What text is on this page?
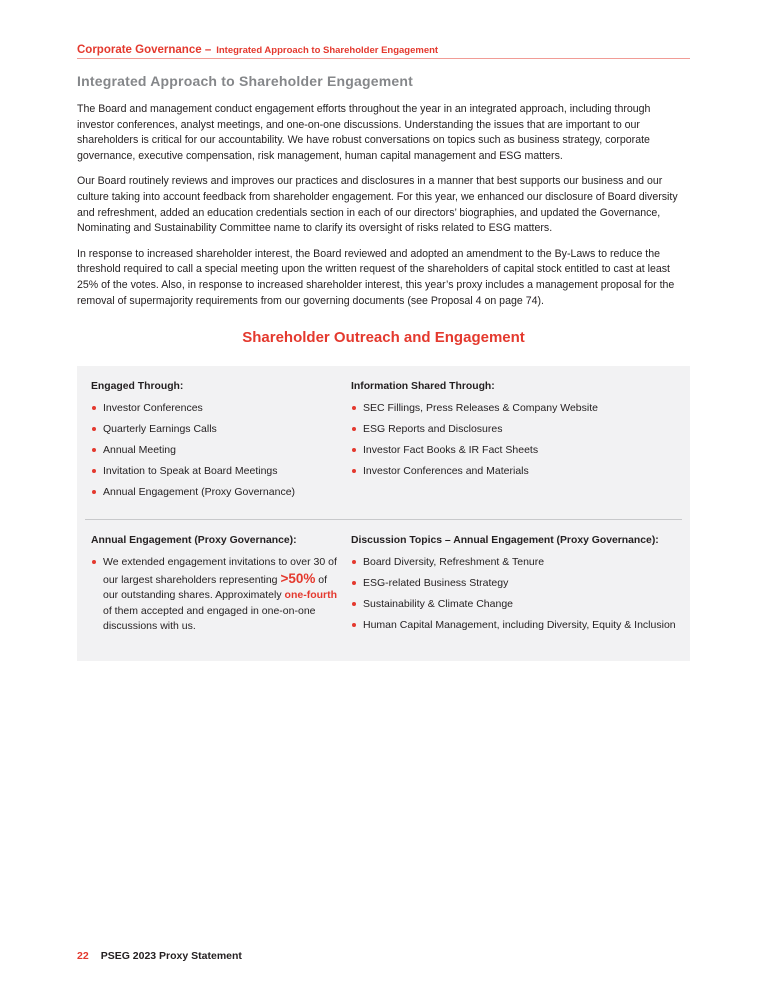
Corporate Governance – Integrated Approach to Shareholder Engagement
Integrated Approach to Shareholder Engagement

The Board and management conduct engagement efforts throughout the year in an integrated approach, including through investor conferences, analyst meetings, and one-on-one discussions. Understanding the issues that are important to our shareholders is critical for our accountability. We have robust conversations on topics such as business strategy, corporate governance, executive compensation, risk management, human capital management and ESG matters.

Our Board routinely reviews and improves our practices and disclosures in a manner that best supports our business and our culture taking into account feedback from shareholder engagement. For this year, we enhanced our disclosure of Board diversity and refreshment, added an education credentials section in each of our directors’ biographies, and updated the Governance, Nominating and Sustainability Committee name to clarify its oversight of risks related to ESG matters.

In response to increased shareholder interest, the Board reviewed and adopted an amendment to the By-Laws to reduce the threshold required to call a special meeting upon the written request of the shareholders of capital stock entitled to cast at least 25% of the votes. Also, in response to increased shareholder interest, this year’s proxy includes a management proposal for the removal of supermajority requirements from our governing documents (see Proposal 4 on page 74).

Shareholder Outreach and Engagement
Engaged Through:
Investor Conferences
Quarterly Earnings Calls
Annual Meeting
Invitation to Speak at Board Meetings
Annual Engagement (Proxy Governance)
Information Shared Through:
SEC Fillings, Press Releases & Company Website
ESG Reports and Disclosures
Investor Fact Books & IR Fact Sheets
Investor Conferences and Materials
Annual Engagement (Proxy Governance):
We extended engagement invitations to over 30 of our largest shareholders representing >50% of our outstanding shares. Approximately one-fourth of them accepted and engaged in one-on-one discussions with us.
Discussion Topics – Annual Engagement (Proxy Governance):
Board Diversity, Refreshment & Tenure
ESG-related Business Strategy
Sustainability & Climate Change
Human Capital Management, including Diversity, Equity & Inclusion
22 PSEG 2023 Proxy Statement
